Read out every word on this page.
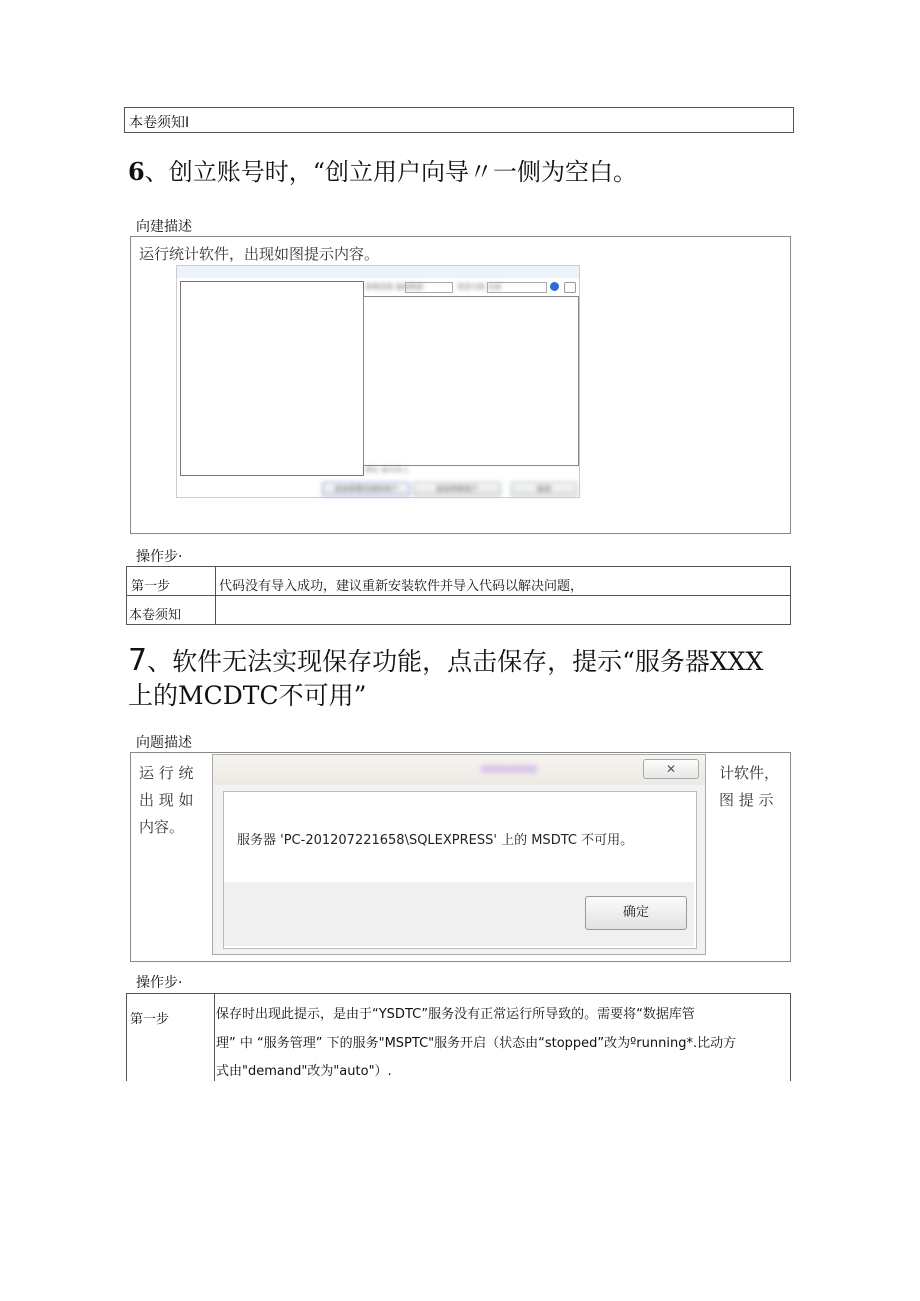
本卷须知I
6、创立账号时，“创立用户向导〃一侧为空白。
向建描述
运行统计软件，出现如图提示内容。
管理范围 基础数据	类型分组 全部
单位 部分员工
添加管理员授权用户	添加审核用户	取消
操作步·
第一步	代码没有导入成功，建议重新安装软件并导入代码以解决问题，
本卷须知
7、软件无法实现保存功能，点击保存，提示“服务器XXX
上的MCDTC不可用”
向题描述
运 行 统
出 现 如
内容。
计软件，
图 提 示
✕
服务器 'PC-201207221658\SQLEXPRESS' 上的 MSDTC 不可用。
确定
操作步·
第一步	保存时出现此提示，是由于“YSDTC”服务没有正常运行所导致的。需要将“数据库管
理” 中 “服务管理” 下的服务"MSPTC"服务开启（状态由“stopped”改为ºrunning*.比动方
式由"demand"改为"auto"）.
